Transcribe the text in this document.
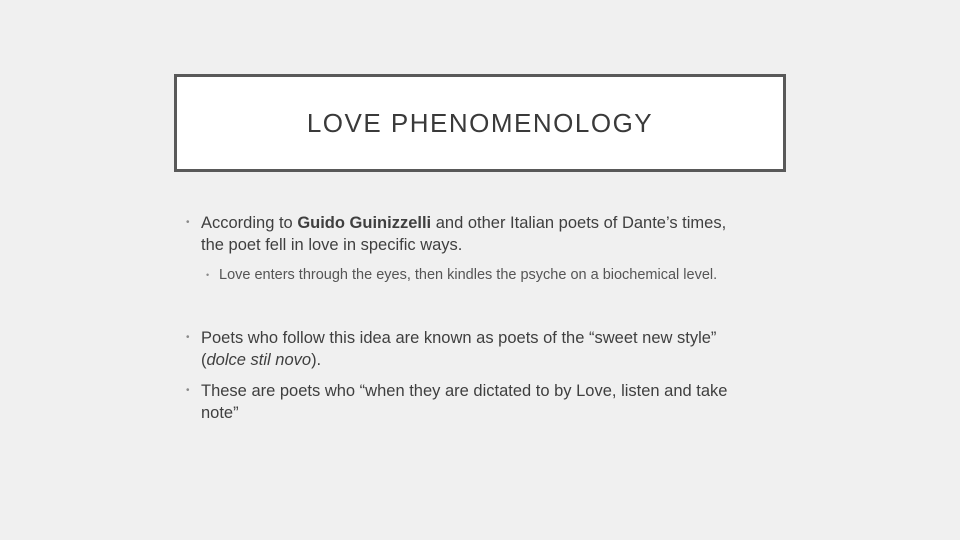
LOVE PHENOMENOLOGY
• According to Guido Guinizzelli and other Italian poets of Dante’s times,
the poet fell in love in specific ways.
• Love enters through the eyes, then kindles the psyche on a biochemical level.
• Poets who follow this idea are known as poets of the “sweet new style”
(dolce stil novo).
• These are poets who “when they are dictated to by Love, listen and take
note”
